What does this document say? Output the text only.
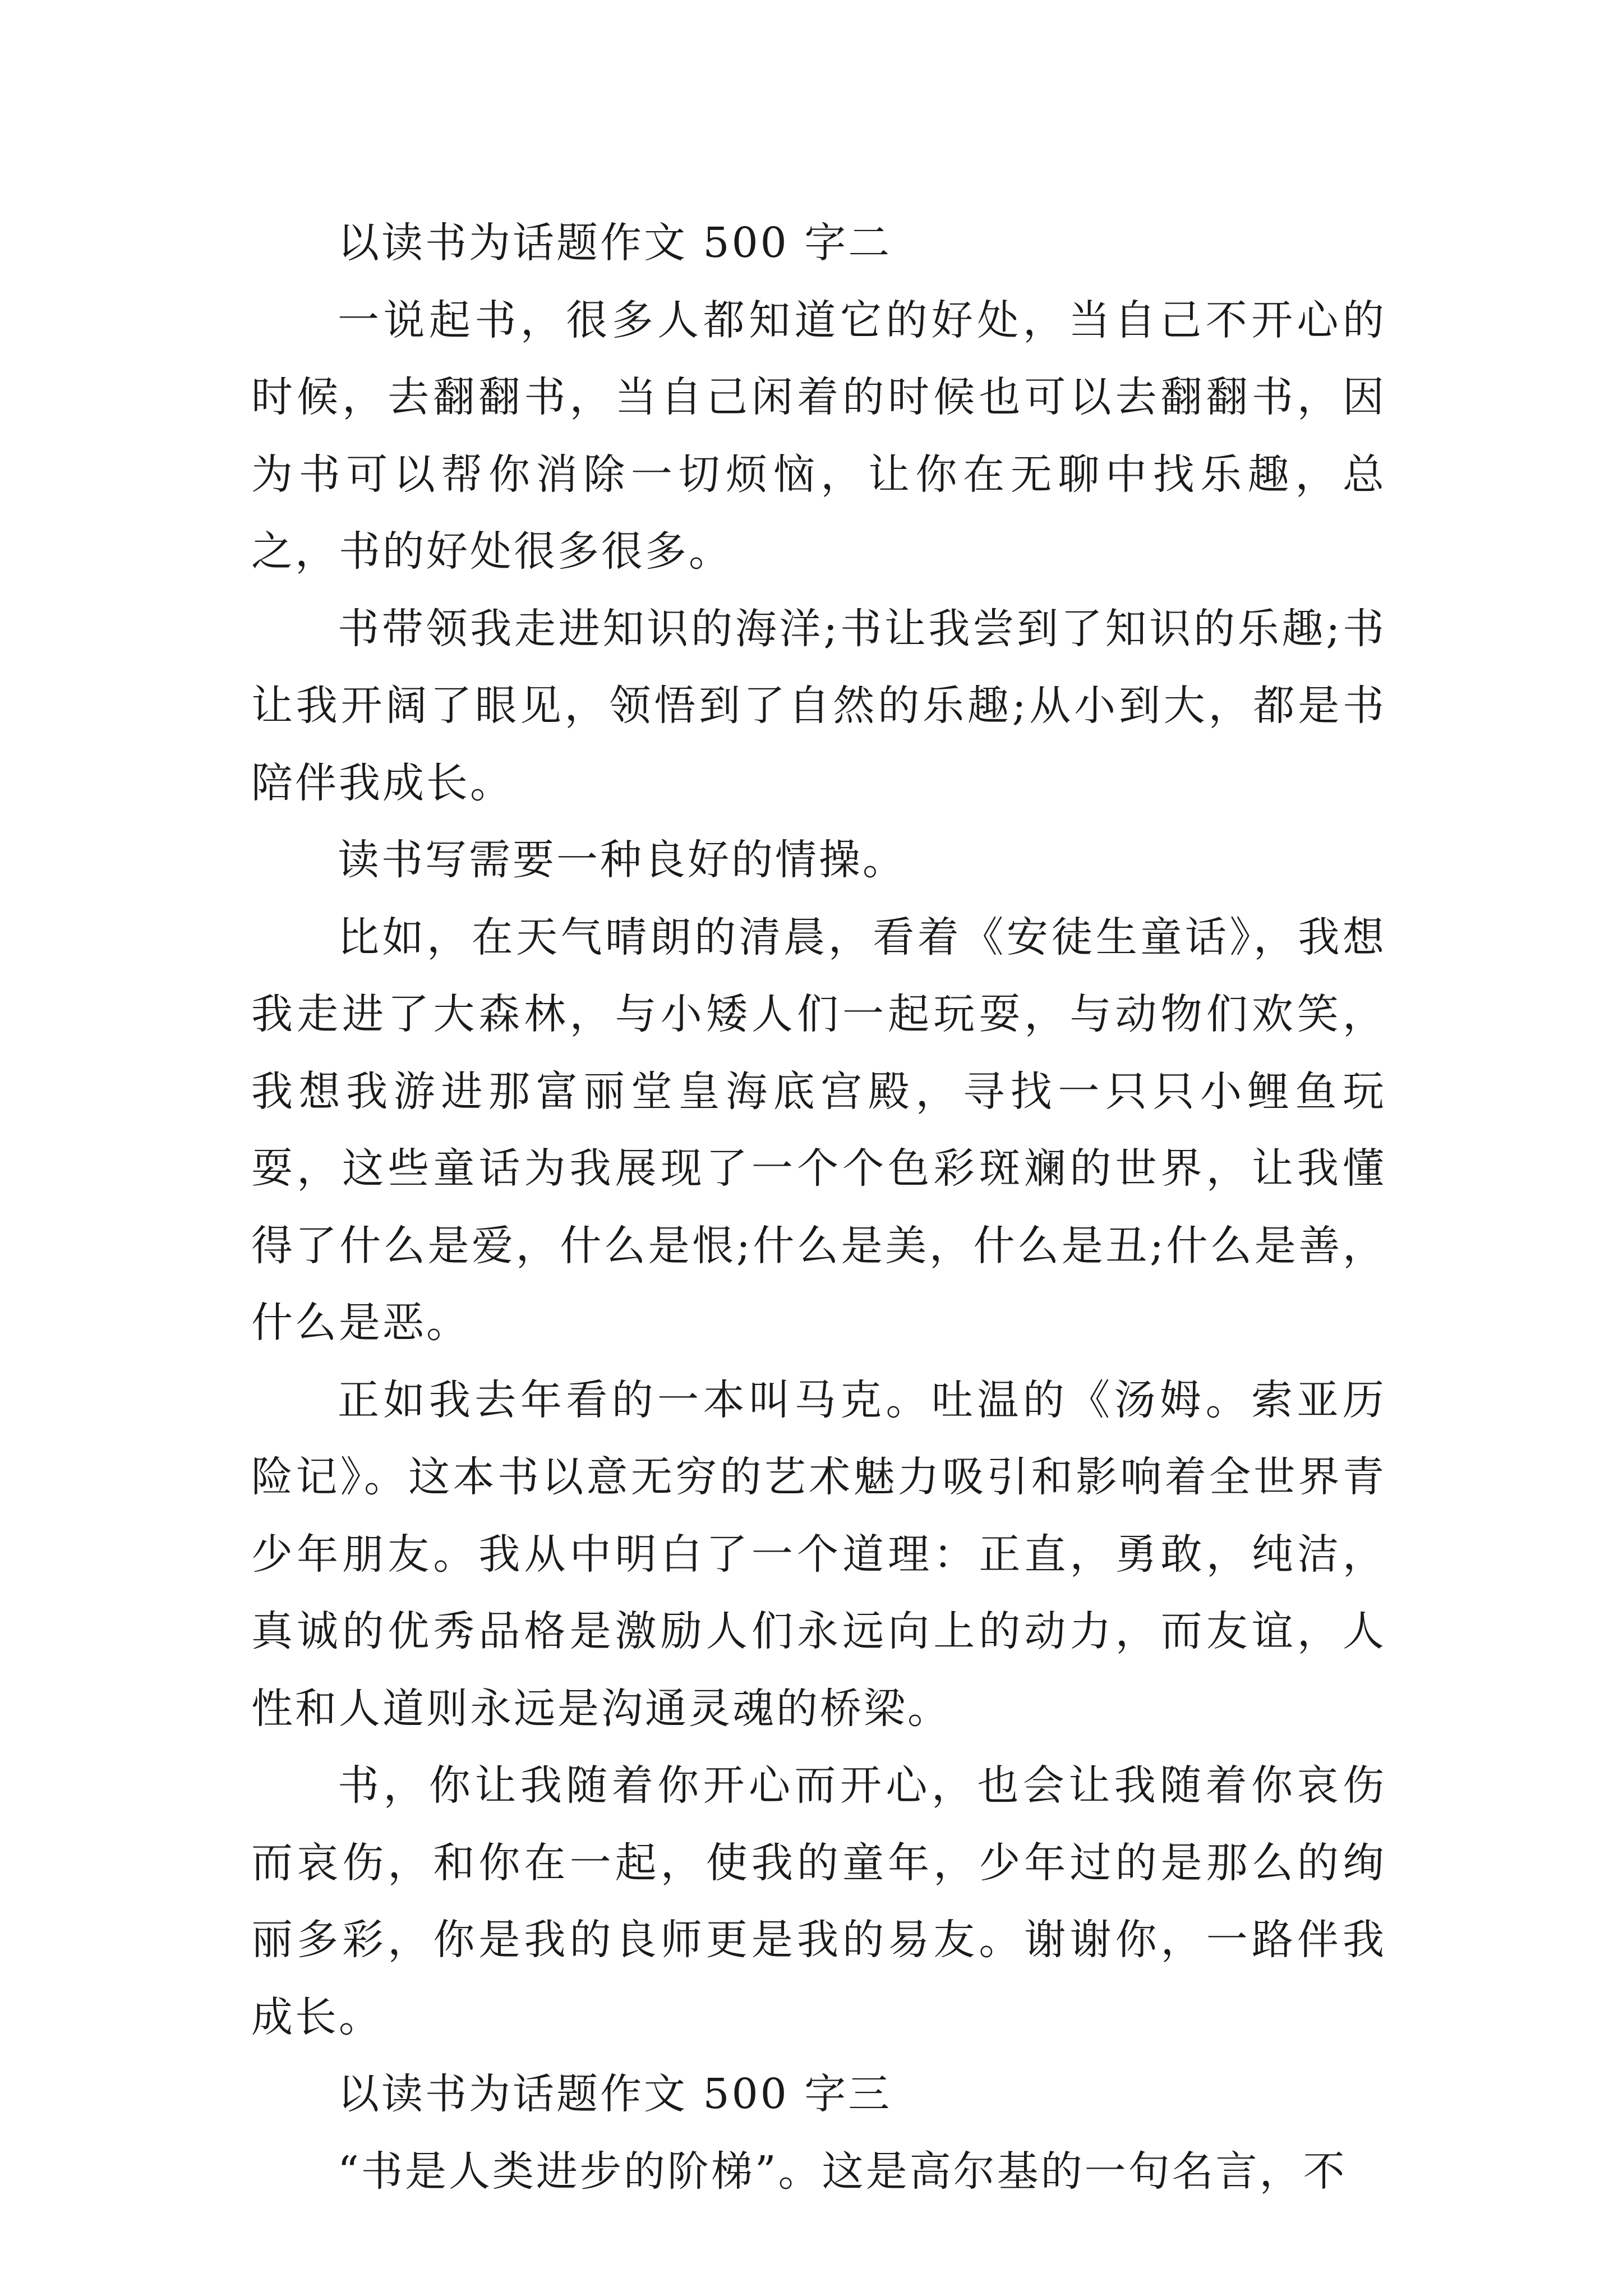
以读书为话题作文 500 字二

一说起书，很多人都知道它的好处，当自己不开心的时候，去翻翻书，当自己闲着的时候也可以去翻翻书，因为书可以帮你消除一切烦恼，让你在无聊中找乐趣，总之，书的好处很多很多。

书带领我走进知识的海洋;书让我尝到了知识的乐趣;书让我开阔了眼见，领悟到了自然的乐趣;从小到大，都是书陪伴我成长。

读书写需要一种良好的情操。

比如，在天气晴朗的清晨，看着《安徒生童话》，我想我走进了大森林，与小矮人们一起玩耍，与动物们欢笑，我想我游进那富丽堂皇海底宫殿，寻找一只只小鲤鱼玩耍，这些童话为我展现了一个个色彩斑斓的世界，让我懂得了什么是爱，什么是恨;什么是美，什么是丑;什么是善，什么是恶。

正如我去年看的一本叫马克。吐温的《汤姆。索亚历险记》。这本书以意无穷的艺术魅力吸引和影响着全世界青少年朋友。我从中明白了一个道理：正直，勇敢，纯洁，真诚的优秀品格是激励人们永远向上的动力，而友谊，人性和人道则永远是沟通灵魂的桥梁。

书，你让我随着你开心而开心，也会让我随着你哀伤而哀伤，和你在一起，使我的童年，少年过的是那么的绚丽多彩，你是我的良师更是我的易友。谢谢你，一路伴我成长。

以读书为话题作文 500 字三

“书是人类进步的阶梯”。这是高尔基的一句名言，不
